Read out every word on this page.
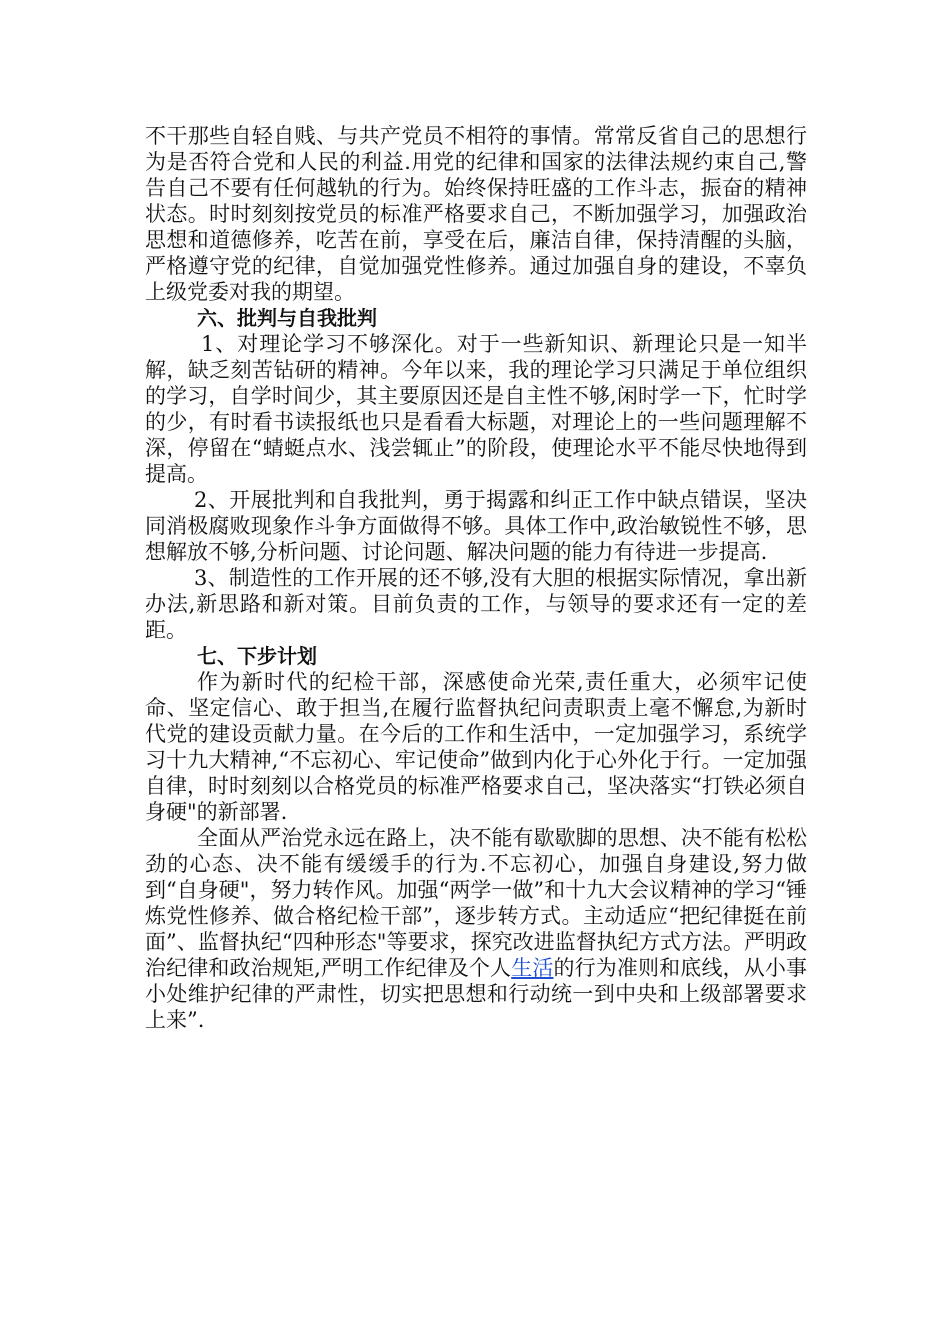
不干那些自轻自贱、与共产党员不相符的事情。常常反省自己的思想行为是否符合党和人民的利益.用党的纪律和国家的法律法规约束自己,警告自己不要有任何越轨的行为。始终保持旺盛的工作斗志，振奋的精神状态。时时刻刻按党员的标准严格要求自己，不断加强学习，加强政治思想和道德修养，吃苦在前，享受在后，廉洁自律，保持清醒的头脑，严格遵守党的纪律，自觉加强党性修养。通过加强自身的建设，不辜负上级党委对我的期望。

六、批判与自我批判

1、对理论学习不够深化。对于一些新知识、新理论只是一知半解，缺乏刻苦钻研的精神。今年以来，我的理论学习只满足于单位组织的学习，自学时间少，其主要原因还是自主性不够,闲时学一下，忙时学的少，有时看书读报纸也只是看看大标题，对理论上的一些问题理解不深，停留在“蜻蜓点水、浅尝辄止”的阶段，使理论水平不能尽快地得到提高。

2、开展批判和自我批判，勇于揭露和纠正工作中缺点错误，坚决同消极腐败现象作斗争方面做得不够。具体工作中,政治敏锐性不够，思想解放不够,分析问题、讨论问题、解决问题的能力有待进一步提高.

3、制造性的工作开展的还不够,没有大胆的根据实际情况，拿出新办法,新思路和新对策。目前负责的工作，与领导的要求还有一定的差距。

七、下步计划

作为新时代的纪检干部，深感使命光荣,责任重大，必须牢记使命、坚定信心、敢于担当,在履行监督执纪问责职责上毫不懈怠,为新时代党的建设贡献力量。在今后的工作和生活中，一定加强学习，系统学习十九大精神,“不忘初心、牢记使命”做到内化于心外化于行。一定加强自律，时时刻刻以合格党员的标准严格要求自己，坚决落实“打铁必须自身硬"的新部署.

全面从严治党永远在路上，决不能有歇歇脚的思想、决不能有松松劲的心态、决不能有缓缓手的行为.不忘初心，加强自身建设,努力做到“自身硬"，努力转作风。加强“两学一做”和十九大会议精神的学习“锤炼党性修养、做合格纪检干部”，逐步转方式。主动适应“把纪律挺在前面”、监督执纪“四种形态"等要求，探究改进监督执纪方式方法。严明政治纪律和政治规矩,严明工作纪律及个人生活的行为准则和底线，从小事小处维护纪律的严肃性，切实把思想和行动统一到中央和上级部署要求上来”.
